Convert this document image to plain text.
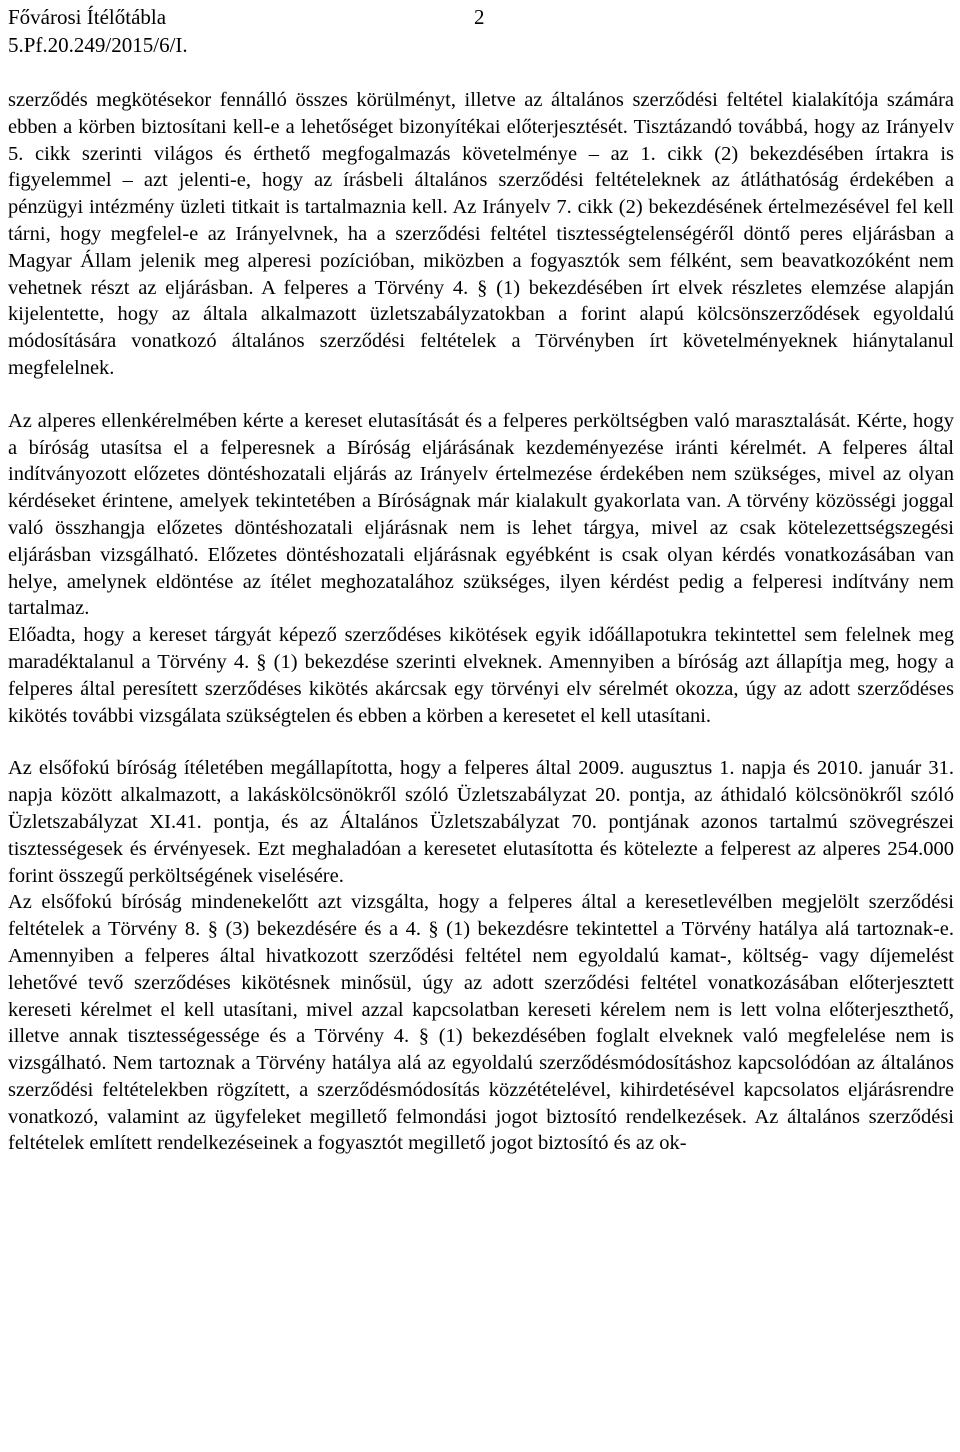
Fővárosi Ítélőtábla	2
5.Pf.20.249/2015/6/I.

szerződés megkötésekor fennálló összes körülményt, illetve az általános szerződési feltétel kialakítója számára ebben a körben biztosítani kell-e a lehetőséget bizonyítékai előterjesztését. Tisztázandó továbbá, hogy az Irányelv 5. cikk szerinti világos és érthető megfogalmazás követelménye – az 1. cikk (2) bekezdésében írtakra is figyelemmel – azt jelenti-e, hogy az írásbeli általános szerződési feltételeknek az átláthatóság érdekében a pénzügyi intézmény üzleti titkait is tartalmaznia kell. Az Irányelv 7. cikk (2) bekezdésének értelmezésével fel kell tárni, hogy megfelel-e az Irányelvnek, ha a szerződési feltétel tisztességtelenségéről döntő peres eljárásban a Magyar Állam jelenik meg alperesi pozícióban, miközben a fogyasztók sem félként, sem beavatkozóként nem vehetnek részt az eljárásban. A felperes a Törvény 4. § (1) bekezdésében írt elvek részletes elemzése alapján kijelentette, hogy az általa alkalmazott üzletszabályzatokban a forint alapú kölcsönszerződések egyoldalú módosítására vonatkozó általános szerződési feltételek a Törvényben írt követelményeknek hiánytalanul megfelelnek.

Az alperes ellenkérelmében kérte a kereset elutasítását és a felperes perköltségben való marasztalását. Kérte, hogy a bíróság utasítsa el a felperesnek a Bíróság eljárásának kezdeményezése iránti kérelmét. A felperes által indítványozott előzetes döntéshozatali eljárás az Irányelv értelmezése érdekében nem szükséges, mivel az olyan kérdéseket érintene, amelyek tekintetében a Bíróságnak már kialakult gyakorlata van. A törvény közösségi joggal való összhangja előzetes döntéshozatali eljárásnak nem is lehet tárgya, mivel az csak kötelezettségszegési eljárásban vizsgálható. Előzetes döntéshozatali eljárásnak egyébként is csak olyan kérdés vonatkozásában van helye, amelynek eldöntése az ítélet meghozatalához szükséges, ilyen kérdést pedig a felperesi indítvány nem tartalmaz.

Előadta, hogy a kereset tárgyát képező szerződéses kikötések egyik időállapotukra tekintettel sem felelnek meg maradéktalanul a Törvény 4. § (1) bekezdése szerinti elveknek. Amennyiben a bíróság azt állapítja meg, hogy a felperes által peresített szerződéses kikötés akárcsak egy törvényi elv sérelmét okozza, úgy az adott szerződéses kikötés további vizsgálata szükségtelen és ebben a körben a keresetet el kell utasítani.

Az elsőfokú bíróság ítéletében megállapította, hogy a felperes által 2009. augusztus 1. napja és 2010. január 31. napja között alkalmazott, a lakáskölcsönökről szóló Üzletszabályzat 20. pontja, az áthidaló kölcsönökről szóló Üzletszabályzat XI.41. pontja, és az Általános Üzletszabályzat 70. pontjának azonos tartalmú szövegrészei tisztességesek és érvényesek. Ezt meghaladóan a keresetet elutasította és kötelezte a felperest az alperes 254.000 forint összegű perköltségének viselésére.

Az elsőfokú bíróság mindenekelőtt azt vizsgálta, hogy a felperes által a keresetlevélben megjelölt szerződési feltételek a Törvény 8. § (3) bekezdésére és a 4. § (1) bekezdésre tekintettel a Törvény hatálya alá tartoznak-e. Amennyiben a felperes által hivatkozott szerződési feltétel nem egyoldalú kamat-, költség- vagy díjemelést lehetővé tevő szerződéses kikötésnek minősül, úgy az adott szerződési feltétel vonatkozásában előterjesztett kereseti kérelmet el kell utasítani, mivel azzal kapcsolatban kereseti kérelem nem is lett volna előterjeszthető, illetve annak tisztességessége és a Törvény 4. § (1) bekezdésében foglalt elveknek való megfelelése nem is vizsgálható. Nem tartoznak a Törvény hatálya alá az egyoldalú szerződésmódosításhoz kapcsolódóan az általános szerződési feltételekben rögzített, a szerződésmódosítás közzétételével, kihirdetésével kapcsolatos eljárásrendre vonatkozó, valamint az ügyfeleket megillető felmondási jogot biztosító rendelkezések. Az általános szerződési feltételek említett rendelkezéseinek a fogyasztót megillető jogot biztosító és az ok-
